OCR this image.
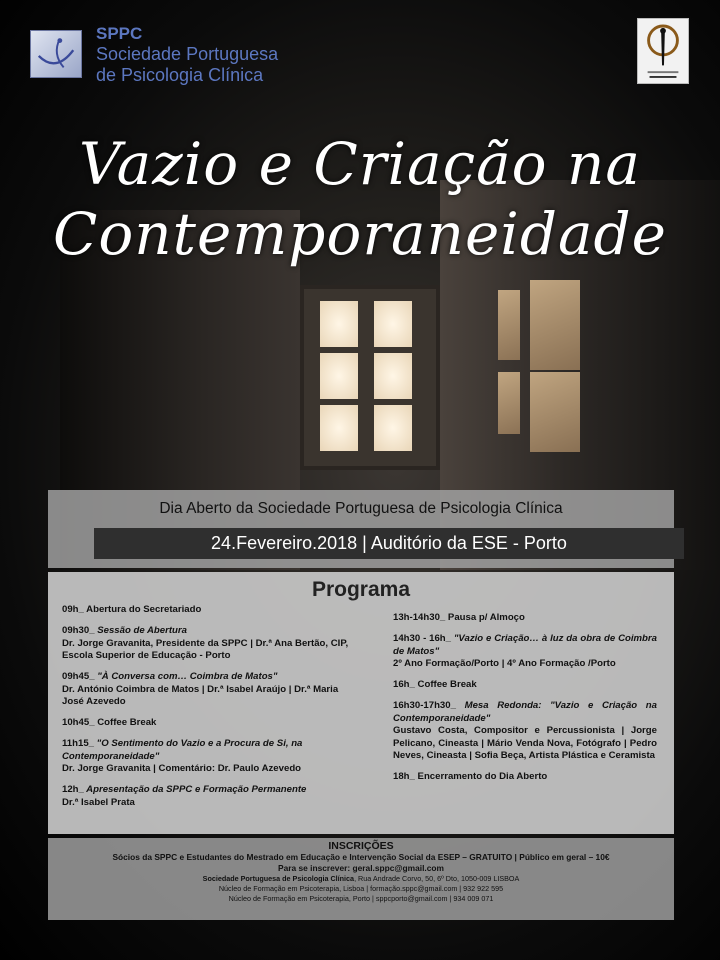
SPPC
Sociedade Portuguesa
de Psicologia Clínica
Vazio e Criação na
Contemporaneidade
Dia Aberto da Sociedade Portuguesa de Psicologia Clínica
24.Fevereiro.2018 | Auditório da ESE - Porto
Programa
09h_ Abertura do Secretariado
09h30_ Sessão de Abertura
Dr. Jorge Gravanita, Presidente da SPPC | Dr.ª Ana Bertão, CIP, Escola Superior de Educação - Porto
09h45_ "À Conversa com… Coimbra de Matos"
Dr. António Coimbra de Matos | Dr.ª Isabel Araújo | Dr.ª Maria José Azevedo
10h45_ Coffee Break
11h15_ "O Sentimento do Vazio e a Procura de Si, na Contemporaneidade"
Dr. Jorge Gravanita | Comentário: Dr. Paulo Azevedo
12h_ Apresentação da SPPC e Formação Permanente
Dr.ª Isabel Prata
13h-14h30_ Pausa p/ Almoço
14h30 - 16h_ "Vazio e Criação… à luz da obra de Coimbra de Matos"
2º Ano Formação/Porto | 4º Ano Formação /Porto
16h_ Coffee Break
16h30-17h30_ Mesa Redonda: "Vazio e Criação na Contemporaneidade"
Gustavo Costa, Compositor e Percussionista | Jorge Pelicano, Cineasta | Mário Venda Nova, Fotógrafo | Pedro Neves, Cineasta | Sofia Beça, Artista Plástica e Ceramista
18h_ Encerramento do Dia Aberto
INSCRIÇÕES
Sócios da SPPC e Estudantes do Mestrado em Educação e Intervenção Social da ESEP – GRATUITO | Público em geral – 10€
Para se inscrever: geral.sppc@gmail.com
Sociedade Portuguesa de Psicologia Clínica, Rua Andrade Corvo, 50, 6º Dto, 1050-009 LISBOA
Núcleo de Formação em Psicoterapia, Lisboa | formação.sppc@gmail.com | 932 922 595
Núcleo de Formação em Psicoterapia, Porto | sppcporto@gmail.com | 934 009 071
